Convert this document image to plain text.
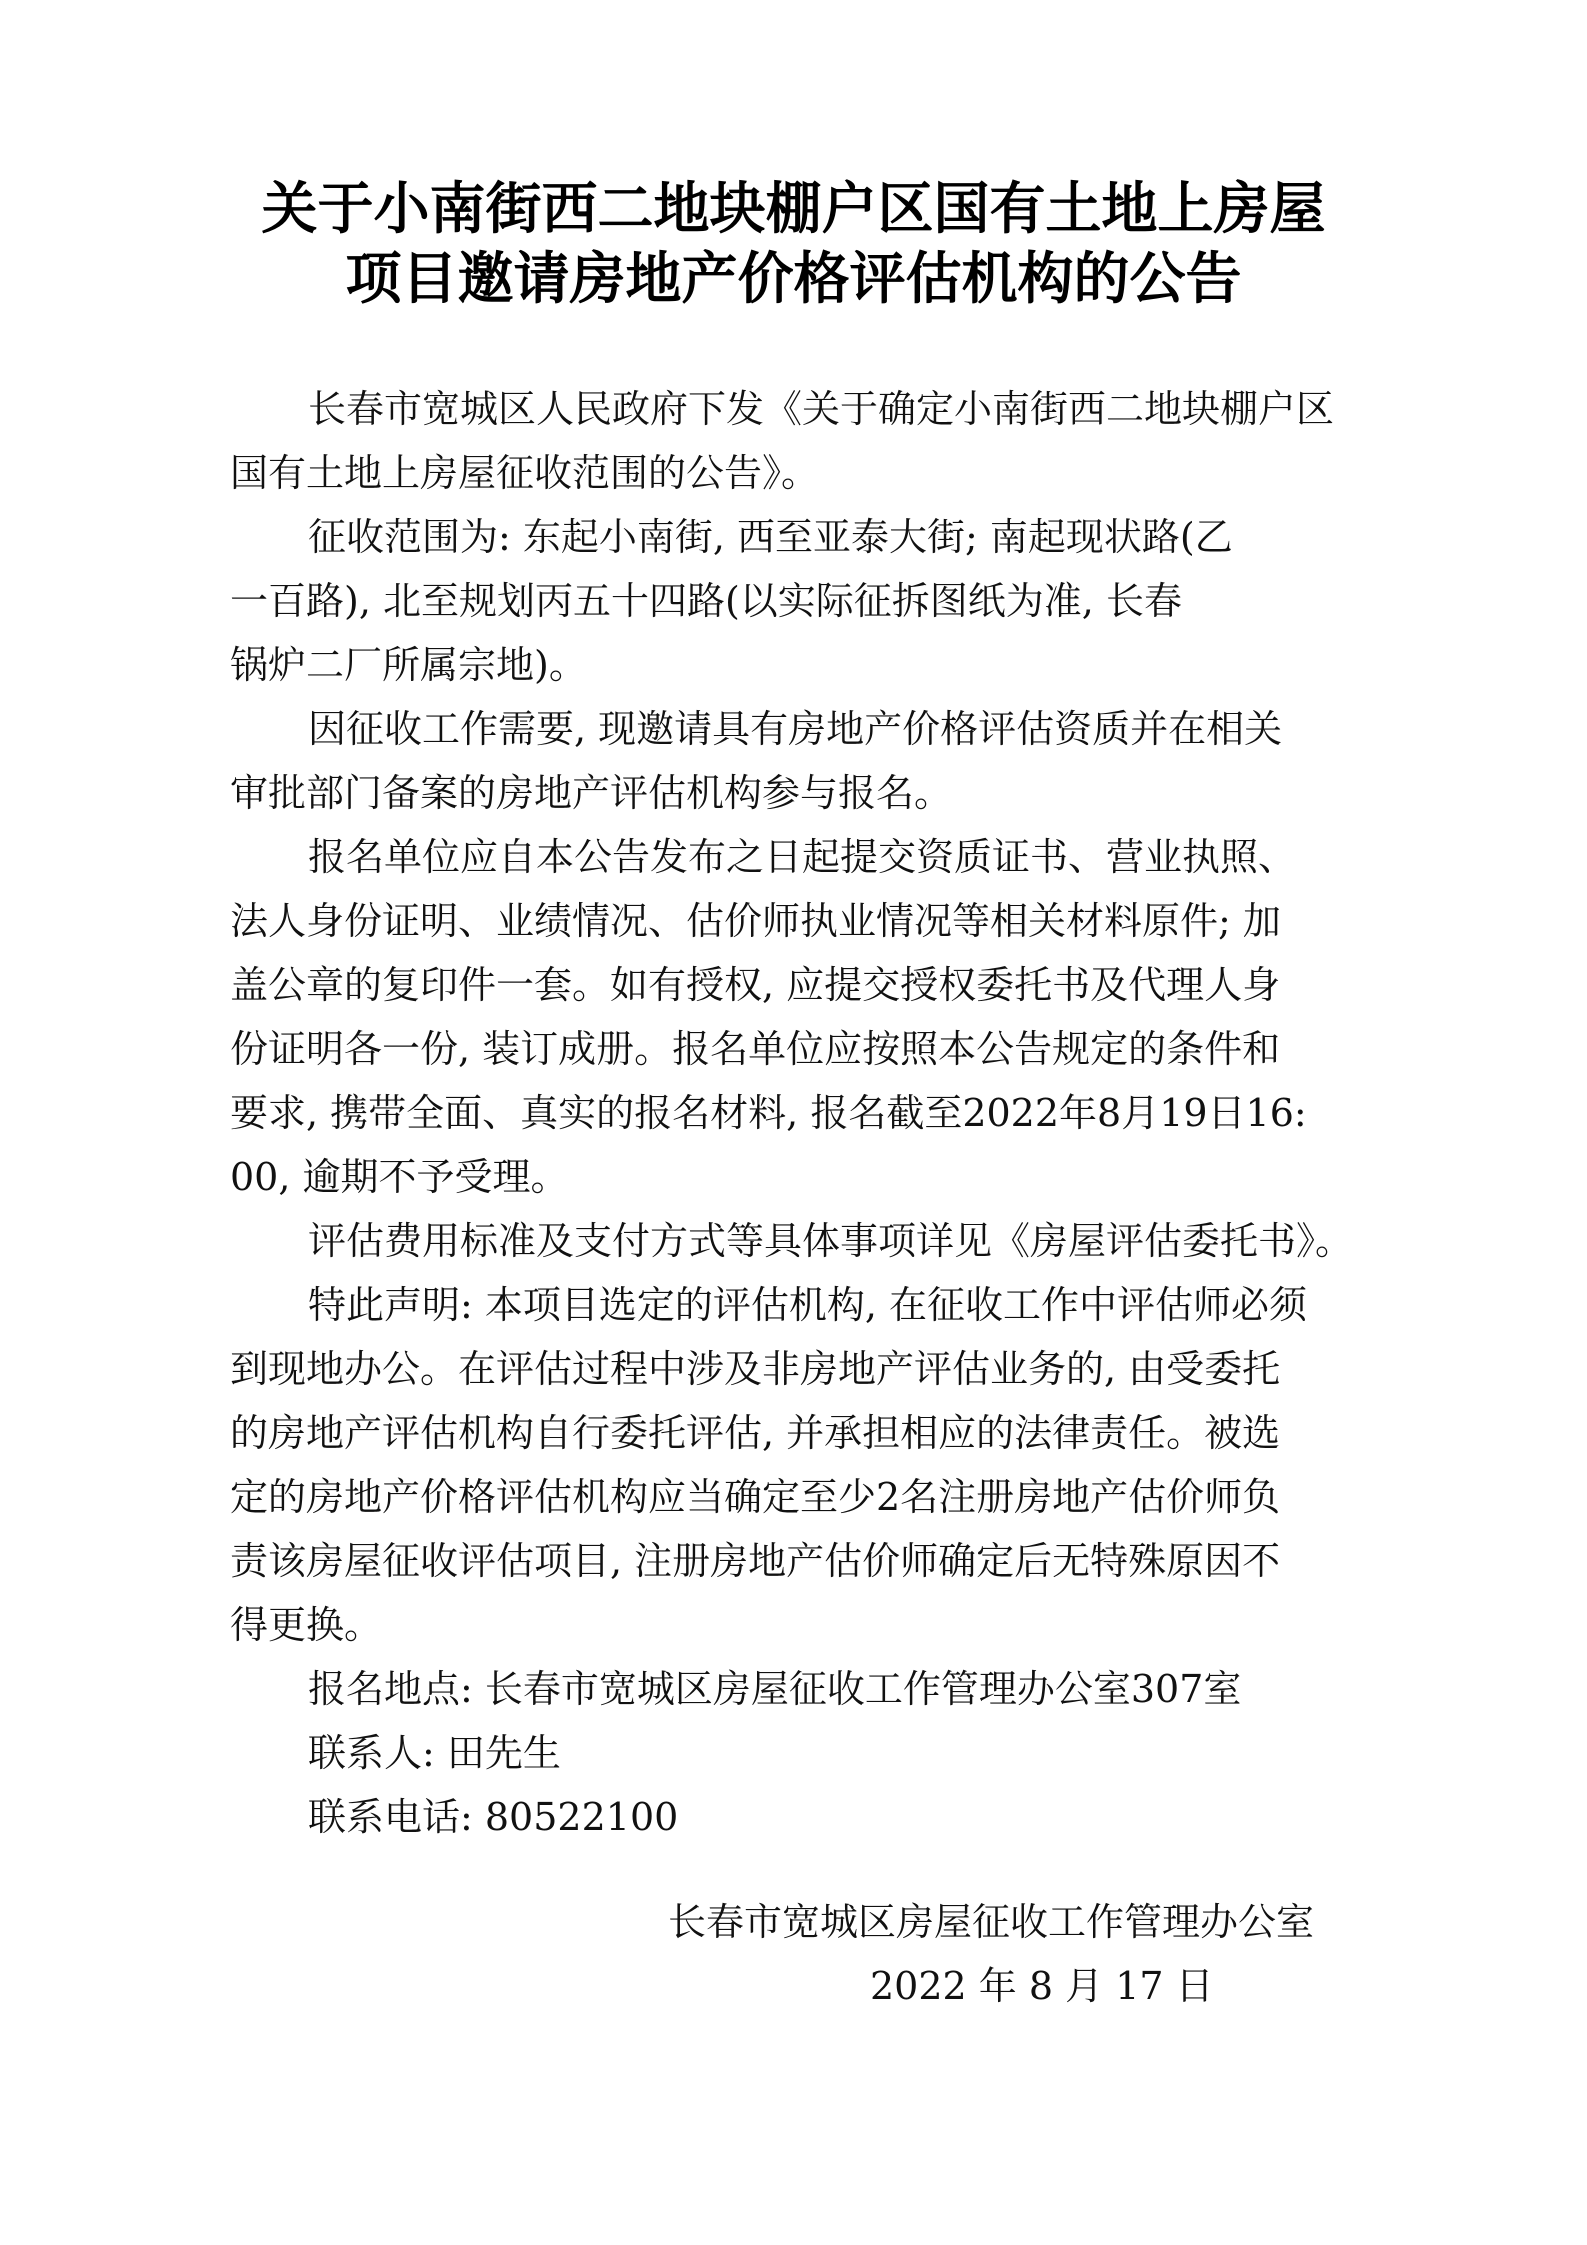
关于小南街西二地块棚户区国有土地上房屋
项目邀请房地产价格评估机构的公告
长春市宽城区人民政府下发《关于确定小南街西二地块棚户区
国有土地上房屋征收范围的公告》。
征收范围为: 东起小南街, 西至亚泰大街; 南起现状路(乙
一百路), 北至规划丙五十四路(以实际征拆图纸为准, 长春
锅炉二厂所属宗地)。
因征收工作需要, 现邀请具有房地产价格评估资质并在相关
审批部门备案的房地产评估机构参与报名。
报名单位应自本公告发布之日起提交资质证书、营业执照、
法人身份证明、业绩情况、估价师执业情况等相关材料原件; 加
盖公章的复印件一套。如有授权, 应提交授权委托书及代理人身
份证明各一份, 装订成册。报名单位应按照本公告规定的条件和
要求, 携带全面、真实的报名材料, 报名截至2022年8月19日16:
00, 逾期不予受理。
评估费用标准及支付方式等具体事项详见《房屋评估委托书》。
特此声明: 本项目选定的评估机构, 在征收工作中评估师必须
到现地办公。在评估过程中涉及非房地产评估业务的, 由受委托
的房地产评估机构自行委托评估, 并承担相应的法律责任。被选
定的房地产价格评估机构应当确定至少2名注册房地产估价师负
责该房屋征收评估项目, 注册房地产估价师确定后无特殊原因不
得更换。
报名地点: 长春市宽城区房屋征收工作管理办公室307室
联系人: 田先生
联系电话: 80522100
长春市宽城区房屋征收工作管理办公室
2022 年 8 月 17 日
